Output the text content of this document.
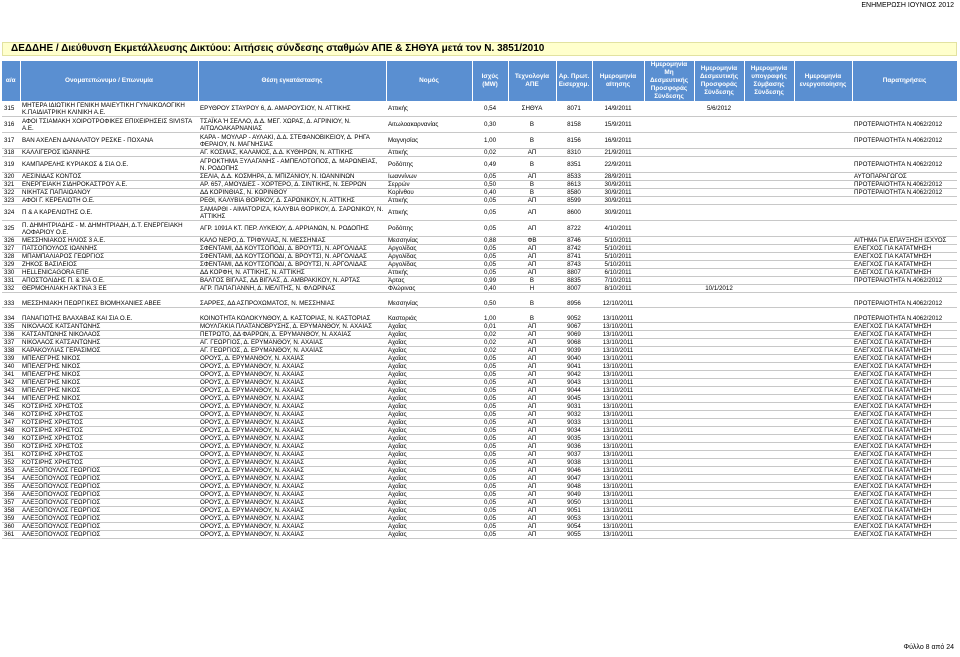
ΕΝΗΜΕΡΩΣΗ ΙΟΥΝΙΟΣ 2012
ΔΕΔΔΗΕ / Διεύθυνση Εκμετάλλευσης Δικτύου: Αιτήσεις σύνδεσης σταθμών ΑΠΕ & ΣΗΘΥΑ μετά τον Ν. 3851/2010
α/α	Ονοματεπώνυμο / Επωνυμία	Θέση εγκατάστασης	Νομός	Ισχύς (MW)	Τεχνολογία ΑΠΕ	Αρ. Πρωτ. Εισερχομ.	Ημερομηνία αίτησης	Ημερομηνία Μη Δεσμευτικής Προσφοράς Σύνδεσης	Ημερομηνία Δεσμευτικής Προσφοράς Σύνδεσης	Ημερομηνία υπογραφής Σύμβασης Σύνδεσης	Ημερομηνία ενεργοποίησης	Παρατηρήσεις
315	ΜΗΤΕΡΑ ΙΔΙΩΤΙΚΗ ΓΕΝΙΚΗ ΜΑΙΕΥΤΙΚΗ ΓΥΝΑΙΚΟΛΟΓΙΚΗ Κ.ΠΑΙΔΙΑΤΡΙΚΗ ΚΛΙΝΙΚΗ Α.Ε.	ΕΡΥΘΡΟΥ ΣΤΑΥΡΟΥ 6, Δ. ΑΜΑΡΟΥΣΙΟΥ, Ν. ΑΤΤΙΚΗΣ	Αττικής	0,54	ΣΗΘΥΑ	8071	14/9/2011		5/6/2012			
316	ΑΦΟΙ ΤΣΙΑΜΑΚΗ ΧΟΙΡΟΤΡΟΦΙΚΕΣ ΕΠΙΧΕΙΡΗΣΕΙΣ SIVISTA Α.Ε.	ΤΣΑΪΚΑ Ή ΣΕΛΛΟ, Δ.Δ. ΜΕΓ. ΧΩΡΑΣ, Δ. ΑΓΡΙΝΙΟΥ, Ν. ΑΙΤΩΛΟΑΚΑΡΝΑΝΙΑΣ	Αιτωλοακαρνανίας	0,30	Β	8158	15/9/2011					ΠΡΟΤΕΡΑΙΟΤΗΤΑ Ν.4062/2012
317	ΒΑΝ ΑΧΕΛΕΝ ΔΑΝΑΛΑΤΟΥ ΡΕΣΚΕ - ΠΟΧΑΝΑ	ΚΑΡΑ - ΜΟΥΛΑΡ - ΑΥΛΑΚΙ, Δ.Δ. ΣΤΕΦΑΝΟΒΙΚΕΙΟΥ, Δ. ΡΗΓΑ ΦΕΡΑΙΟΥ, Ν. ΜΑΓΝΗΣΙΑΣ	Μαγνησίας	1,00	Β	8156	16/9/2011					ΠΡΟΤΕΡΑΙΟΤΗΤΑ Ν.4062/2012
318	ΚΑΛΛΙΓΕΡΟΣ ΙΩΑΝΝΗΣ	ΑΓ. ΚΟΣΜΑΣ, ΚΑΛΑΜΟΣ, Δ.Δ. ΚΥΘΗΡΩΝ, Ν. ΑΤΤΙΚΗΣ	Αττικής	0,02	ΑΠ	8310	21/9/2011					
319	ΚΑΜΠΑΡΕΛΗΣ ΚΥΡΙΑΚΟΣ & ΣΙΑ Ο.Ε.	ΑΓΡΟΚΤΗΜΑ ΞΥΛΑΓΑΝΗΣ - ΑΜΠΕΛΟΤΟΠΟΣ, Δ. ΜΑΡΩΝΕΙΑΣ, Ν. ΡΟΔΟΠΗΣ	Ροδόπης	0,49	Β	8351	22/9/2011					ΠΡΟΤΕΡΑΙΟΤΗΤΑ Ν.4062/2012
320	ΛΕΣΙΝΙΔΑΣ ΚΟΝΤΟΣ	ΣΕΛΙΑ, Δ.Δ. ΚΟΣΜΗΡΑ, Δ. ΜΠΙΖΑΝΙΟΥ, Ν. ΙΩΑΝΝΙΝΩΝ	Ιωαννίνων	0,05	ΑΠ	8533	28/9/2011					ΑΥΤΟΠΑΡΑΓΩΓΟΣ
321	ΕΝΕΡΓΕΙΑΚΗ ΣΙΔΗΡΟΚΑΣΤΡΟΥ Α.Ε.	ΑΡ. 657, ΑΜΟΥΔΙΕΣ - ΧΟΡΤΕΡΟ, Δ. ΣΙΝΤΙΚΗΣ, Ν. ΣΕΡΡΩΝ	Σερρών	0,50	Β	8613	30/9/2011					ΠΡΟΤΕΡΑΙΟΤΗΤΑ Ν.4062/2012
322	ΝΙΚΗΤΑΣ ΠΑΠΑΙΩΑΝΟΥ	ΔΔ ΚΟΡΙΝΘΙΑΣ, Ν. ΚΟΡΙΝΘΟΥ	Κορίνθου	0,40	Β	8580	30/9/2011					ΠΡΟΤΕΡΑΙΟΤΗΤΑ Ν.4062/2012
323	ΑΦΟΙ Γ. ΚΕΡΕΛΙΩΤΗ Ο.Ε.	ΡΕΘΙ, ΚΑΛΥΒΙΑ ΘΟΡΙΚΟΥ, Δ. ΣΑΡΩΝΙΚΟΥ, Ν. ΑΤΤΙΚΗΣ	Αττικής	0,05	ΑΠ	8599	30/9/2011					
324	Π & Α ΚΑΡΕΛΙΩΤΗΣ Ο.Ε.	ΣΑΜΑΡΘΙ - ΑΙΜΑΤΟΡΙΖΑ, ΚΑΛΥΒΙΑ ΘΟΡΙΚΟΥ, Δ. ΣΑΡΩΝΙΚΟΥ, Ν. ΑΤΤΙΚΗΣ	Αττικής	0,05	ΑΠ	8600	30/9/2011					
325	Π. ΔΗΜΗΤΡΙΑΔΗΣ - Μ. ΔΗΜΗΤΡΙΑΔΗ, Δ.Τ. ΕΝΕΡΓΕΙΑΚΗ ΛΟΦΑΡΙΟΥ Ο.Ε.	ΑΓΡ. 1091Α ΚΤ. ΠΕΡ. ΛΥΚΕΙΟΥ, Δ. ΑΡΡΙΑΝΩΝ, Ν. ΡΟΔΟΠΗΣ	Ροδόπης	0,05	ΑΠ	8722	4/10/2011					
326	ΜΕΣΣΗΝΙΑΚΟΣ ΗΛΙΟΣ 3 Α.Ε.	ΚΑΛΟ ΝΕΡΟ, Δ. ΤΡΙΦΥΛΙΑΣ, Ν. ΜΕΣΣΗΝΙΑΣ	Μεσσηνίας	0,88	ΦΒ	8746	5/10/2011					ΑΙΤΗΜΑ ΓΙΑ ΕΠΑΥΞΗΣΗ ΙΣΧΥΟΣ
327	ΠΑΤΣΟΠΟΥΛΟΣ ΙΩΑΝΝΗΣ	ΣΦΕΝΤΑΜΙ, ΔΔ ΚΟΥΤΣΟΠΟΔΙ, Δ. ΒΡΟΥΤΣΙ, Ν. ΑΡΓΟΛΙΔΑΣ	Αργολίδας	0,05	ΑΠ	8742	5/10/2011					ΕΛΕΓΧΟΣ ΓΙΑ ΚΑΤΑΤΜΗΣΗ
328	ΜΠΑΜΠΑΛΙΑΡΟΣ ΓΕΩΡΓΙΟΣ	ΣΦΕΝΤΑΜΙ, ΔΔ ΚΟΥΤΣΟΠΟΔΙ, Δ. ΒΡΟΥΤΣΙ, Ν. ΑΡΓΟΛΙΔΑΣ	Αργολίδας	0,05	ΑΠ	8741	5/10/2011					ΕΛΕΓΧΟΣ ΓΙΑ ΚΑΤΑΤΜΗΣΗ
329	ΖΗΚΟΣ ΒΑΣΙΛΕΙΟΣ	ΣΦΕΝΤΑΜΙ, ΔΔ ΚΟΥΤΣΟΠΟΔΙ, Δ. ΒΡΟΥΤΣΙ, Ν. ΑΡΓΟΛΙΔΑΣ	Αργολίδας	0,05	ΑΠ	8743	5/10/2011					ΕΛΕΓΧΟΣ ΓΙΑ ΚΑΤΑΤΜΗΣΗ
330	HELLENICAGORA ΕΠΕ	ΔΔ ΚΟΡΦΗ, Ν. ΑΤΤΙΚΗΣ, Ν. ΑΤΤΙΚΗΣ	Αττικής	0,05	ΑΠ	8807	6/10/2011					ΕΛΕΓΧΟΣ ΓΙΑ ΚΑΤΑΤΜΗΣΗ
331	ΑΠΟΣΤΟΛΙΔΗΣ Π. & ΣΙΑ Ο.Ε.	ΒΑΛΤΟΣ ΒΙΓΛΑΣ, ΔΔ ΒΙΓΛΑΣ, Δ. ΑΜΒΡΑΚΙΚΟΥ, Ν. ΑΡΤΑΣ	Άρτας	0,99	Β	8835	7/10/2011					ΠΡΟΤΕΡΑΙΟΤΗΤΑ Ν.4062/2012
332	ΘΕΡΜΟΗΛΙΑΚΗ ΑΚΤΙΝΑ 3 ΕΕ	ΑΓΡ. ΠΑΠΑΓΙΑΝΝΗ, Δ. ΜΕΛΙΤΗΣ, Ν. ΦΛΩΡΙΝΑΣ	Φλώρινας	0,40	Η	8007	8/10/2011		10/1/2012			

333	ΜΕΣΣΗΝΙΑΚΗ ΠΕΩΡΓΙΚΕΣ ΒΙΟΜΗΧΑΝΙΕΣ ΑΒΕΕ	ΣΑΡΡΕΣ, ΔΔ ΑΣΠΡΟΧΩΜΑΤΟΣ, Ν. ΜΕΣΣΗΝΙΑΣ	Μεσσηνίας	0,50	Β	8956	12/10/2011					ΠΡΟΤΕΡΑΙΟΤΗΤΑ Ν.4062/2012

334	ΠΑΝΑΓΙΩΤΗΣ ΒΛΑΧΑΒΑΣ ΚΑΙ ΣΙΑ Ο.Ε.	ΚΟΙΝΟΤΗΤΑ ΚΟΛΟΚΥΝΘΟΥ, Δ. ΚΑΣΤΟΡΙΑΣ, Ν. ΚΑΣΤΟΡΙΑΣ	Καστοριάς	1,00	Β	9052	13/10/2011					ΠΡΟΤΕΡΑΙΟΤΗΤΑ Ν.4062/2012
335	ΝΙΚΟΛΑΟΣ ΚΑΤΣΑΝΤΩΝΗΣ	ΜΟΥΛΓΑΚΙΑ ΠΛΑΤΑΝΟΒΡΥΣΗΣ, Δ. ΕΡΥΜΑΝΘΟΥ, Ν. ΑΧΑΪΑΣ	Αχαΐας	0,01	ΑΠ	9067	13/10/2011					ΕΛΕΓΧΟΣ ΓΙΑ ΚΑΤΑΤΜΗΣΗ
336	ΚΑΤΣΑΝΤΩΝΗΣ ΝΙΚΟΛΑΟΣ	ΠΕΤΡΩΤΟ, ΔΔ ΦΑΡΡΩΝ, Δ. ΕΡΥΜΑΝΘΟΥ, Ν. ΑΧΑΪΑΣ	Αχαΐας	0,02	ΑΠ	9069	13/10/2011					ΕΛΕΓΧΟΣ ΓΙΑ ΚΑΤΑΤΜΗΣΗ
337	ΝΙΚΟΛΑΟΣ ΚΑΤΣΑΝΤΩΝΗΣ	ΑΓ. ΓΕΩΡΓΙΟΣ, Δ. ΕΡΥΜΑΝΘΟΥ, Ν. ΑΧΑΪΑΣ	Αχαΐας	0,02	ΑΠ	9068	13/10/2011					ΕΛΕΓΧΟΣ ΓΙΑ ΚΑΤΑΤΜΗΣΗ
338	ΚΑΡΑΚΟΥΛΙΑΣ ΓΕΡΑΣΙΜΟΣ	ΑΓ. ΓΕΩΡΓΙΟΣ, Δ. ΕΡΥΜΑΝΘΟΥ, Ν. ΑΧΑΪΑΣ	Αχαΐας	0,02	ΑΠ	9039	13/10/2011					ΕΛΕΓΧΟΣ ΓΙΑ ΚΑΤΑΤΜΗΣΗ
339	ΜΠΕΛΕΓΡΗΣ ΝΙΚΟΣ	ΟΡΟΥΣ, Δ. ΕΡΥΜΑΝΘΟΥ, Ν. ΑΧΑΪΑΣ	Αχαΐας	0,05	ΑΠ	9040	13/10/2011					ΕΛΕΓΧΟΣ ΓΙΑ ΚΑΤΑΤΜΗΣΗ
340	ΜΠΕΛΕΓΡΗΣ ΝΙΚΟΣ	ΟΡΟΥΣ, Δ. ΕΡΥΜΑΝΘΟΥ, Ν. ΑΧΑΪΑΣ	Αχαΐας	0,05	ΑΠ	9041	13/10/2011					ΕΛΕΓΧΟΣ ΓΙΑ ΚΑΤΑΤΜΗΣΗ
341	ΜΠΕΛΕΓΡΗΣ ΝΙΚΟΣ	ΟΡΟΥΣ, Δ. ΕΡΥΜΑΝΘΟΥ, Ν. ΑΧΑΪΑΣ	Αχαΐας	0,05	ΑΠ	9042	13/10/2011					ΕΛΕΓΧΟΣ ΓΙΑ ΚΑΤΑΤΜΗΣΗ
342	ΜΠΕΛΕΓΡΗΣ ΝΙΚΟΣ	ΟΡΟΥΣ, Δ. ΕΡΥΜΑΝΘΟΥ, Ν. ΑΧΑΪΑΣ	Αχαΐας	0,05	ΑΠ	9043	13/10/2011					ΕΛΕΓΧΟΣ ΓΙΑ ΚΑΤΑΤΜΗΣΗ
343	ΜΠΕΛΕΓΡΗΣ ΝΙΚΟΣ	ΟΡΟΥΣ, Δ. ΕΡΥΜΑΝΘΟΥ, Ν. ΑΧΑΪΑΣ	Αχαΐας	0,05	ΑΠ	9044	13/10/2011					ΕΛΕΓΧΟΣ ΓΙΑ ΚΑΤΑΤΜΗΣΗ
344	ΜΠΕΛΕΓΡΗΣ ΝΙΚΟΣ	ΟΡΟΥΣ, Δ. ΕΡΥΜΑΝΘΟΥ, Ν. ΑΧΑΪΑΣ	Αχαΐας	0,05	ΑΠ	9045	13/10/2011					ΕΛΕΓΧΟΣ ΓΙΑ ΚΑΤΑΤΜΗΣΗ
345	ΚΟΤΣΙΡΗΣ ΧΡΗΣΤΟΣ	ΟΡΟΥΣ, Δ. ΕΡΥΜΑΝΘΟΥ, Ν. ΑΧΑΪΑΣ	Αχαΐας	0,05	ΑΠ	9031	13/10/2011					ΕΛΕΓΧΟΣ ΓΙΑ ΚΑΤΑΤΜΗΣΗ
346	ΚΟΤΣΙΡΗΣ ΧΡΗΣΤΟΣ	ΟΡΟΥΣ, Δ. ΕΡΥΜΑΝΘΟΥ, Ν. ΑΧΑΪΑΣ	Αχαΐας	0,05	ΑΠ	9032	13/10/2011					ΕΛΕΓΧΟΣ ΓΙΑ ΚΑΤΑΤΜΗΣΗ
347	ΚΟΤΣΙΡΗΣ ΧΡΗΣΤΟΣ	ΟΡΟΥΣ, Δ. ΕΡΥΜΑΝΘΟΥ, Ν. ΑΧΑΪΑΣ	Αχαΐας	0,05	ΑΠ	9033	13/10/2011					ΕΛΕΓΧΟΣ ΓΙΑ ΚΑΤΑΤΜΗΣΗ
348	ΚΟΤΣΙΡΗΣ ΧΡΗΣΤΟΣ	ΟΡΟΥΣ, Δ. ΕΡΥΜΑΝΘΟΥ, Ν. ΑΧΑΪΑΣ	Αχαΐας	0,05	ΑΠ	9034	13/10/2011					ΕΛΕΓΧΟΣ ΓΙΑ ΚΑΤΑΤΜΗΣΗ
349	ΚΟΤΣΙΡΗΣ ΧΡΗΣΤΟΣ	ΟΡΟΥΣ, Δ. ΕΡΥΜΑΝΘΟΥ, Ν. ΑΧΑΪΑΣ	Αχαΐας	0,05	ΑΠ	9035	13/10/2011					ΕΛΕΓΧΟΣ ΓΙΑ ΚΑΤΑΤΜΗΣΗ
350	ΚΟΤΣΙΡΗΣ ΧΡΗΣΤΟΣ	ΟΡΟΥΣ, Δ. ΕΡΥΜΑΝΘΟΥ, Ν. ΑΧΑΪΑΣ	Αχαΐας	0,05	ΑΠ	9036	13/10/2011					ΕΛΕΓΧΟΣ ΓΙΑ ΚΑΤΑΤΜΗΣΗ
351	ΚΟΤΣΙΡΗΣ ΧΡΗΣΤΟΣ	ΟΡΟΥΣ, Δ. ΕΡΥΜΑΝΘΟΥ, Ν. ΑΧΑΪΑΣ	Αχαΐας	0,05	ΑΠ	9037	13/10/2011					ΕΛΕΓΧΟΣ ΓΙΑ ΚΑΤΑΤΜΗΣΗ
352	ΚΟΤΣΙΡΗΣ ΧΡΗΣΤΟΣ	ΟΡΟΥΣ, Δ. ΕΡΥΜΑΝΘΟΥ, Ν. ΑΧΑΪΑΣ	Αχαΐας	0,05	ΑΠ	9038	13/10/2011					ΕΛΕΓΧΟΣ ΓΙΑ ΚΑΤΑΤΜΗΣΗ
353	ΑΛΕΞΟΠΟΥΛΟΣ ΓΕΩΡΓΙΟΣ	ΟΡΟΥΣ, Δ. ΕΡΥΜΑΝΘΟΥ, Ν. ΑΧΑΪΑΣ	Αχαΐας	0,05	ΑΠ	9046	13/10/2011					ΕΛΕΓΧΟΣ ΓΙΑ ΚΑΤΑΤΜΗΣΗ
354	ΑΛΕΞΟΠΟΥΛΟΣ ΓΕΩΡΓΙΟΣ	ΟΡΟΥΣ, Δ. ΕΡΥΜΑΝΘΟΥ, Ν. ΑΧΑΪΑΣ	Αχαΐας	0,05	ΑΠ	9047	13/10/2011					ΕΛΕΓΧΟΣ ΓΙΑ ΚΑΤΑΤΜΗΣΗ
355	ΑΛΕΞΟΠΟΥΛΟΣ ΓΕΩΡΓΙΟΣ	ΟΡΟΥΣ, Δ. ΕΡΥΜΑΝΘΟΥ, Ν. ΑΧΑΪΑΣ	Αχαΐας	0,05	ΑΠ	9048	13/10/2011					ΕΛΕΓΧΟΣ ΓΙΑ ΚΑΤΑΤΜΗΣΗ
356	ΑΛΕΞΟΠΟΥΛΟΣ ΓΕΩΡΓΙΟΣ	ΟΡΟΥΣ, Δ. ΕΡΥΜΑΝΘΟΥ, Ν. ΑΧΑΪΑΣ	Αχαΐας	0,05	ΑΠ	9049	13/10/2011					ΕΛΕΓΧΟΣ ΓΙΑ ΚΑΤΑΤΜΗΣΗ
357	ΑΛΕΞΟΠΟΥΛΟΣ ΓΕΩΡΓΙΟΣ	ΟΡΟΥΣ, Δ. ΕΡΥΜΑΝΘΟΥ, Ν. ΑΧΑΪΑΣ	Αχαΐας	0,05	ΑΠ	9050	13/10/2011					ΕΛΕΓΧΟΣ ΓΙΑ ΚΑΤΑΤΜΗΣΗ
358	ΑΛΕΞΟΠΟΥΛΟΣ ΓΕΩΡΓΙΟΣ	ΟΡΟΥΣ, Δ. ΕΡΥΜΑΝΘΟΥ, Ν. ΑΧΑΪΑΣ	Αχαΐας	0,05	ΑΠ	9051	13/10/2011					ΕΛΕΓΧΟΣ ΓΙΑ ΚΑΤΑΤΜΗΣΗ
359	ΑΛΕΞΟΠΟΥΛΟΣ ΓΕΩΡΓΙΟΣ	ΟΡΟΥΣ, Δ. ΕΡΥΜΑΝΘΟΥ, Ν. ΑΧΑΪΑΣ	Αχαΐας	0,05	ΑΠ	9053	13/10/2011					ΕΛΕΓΧΟΣ ΓΙΑ ΚΑΤΑΤΜΗΣΗ
360	ΑΛΕΞΟΠΟΥΛΟΣ ΓΕΩΡΓΙΟΣ	ΟΡΟΥΣ, Δ. ΕΡΥΜΑΝΘΟΥ, Ν. ΑΧΑΪΑΣ	Αχαΐας	0,05	ΑΠ	9054	13/10/2011					ΕΛΕΓΧΟΣ ΓΙΑ ΚΑΤΑΤΜΗΣΗ
361	ΑΛΕΞΟΠΟΥΛΟΣ ΓΕΩΡΓΙΟΣ	ΟΡΟΥΣ, Δ. ΕΡΥΜΑΝΘΟΥ, Ν. ΑΧΑΪΑΣ	Αχαΐας	0,05	ΑΠ	9055	13/10/2011					ΕΛΕΓΧΟΣ ΓΙΑ ΚΑΤΑΤΜΗΣΗ
Φύλλο 8 από 24
